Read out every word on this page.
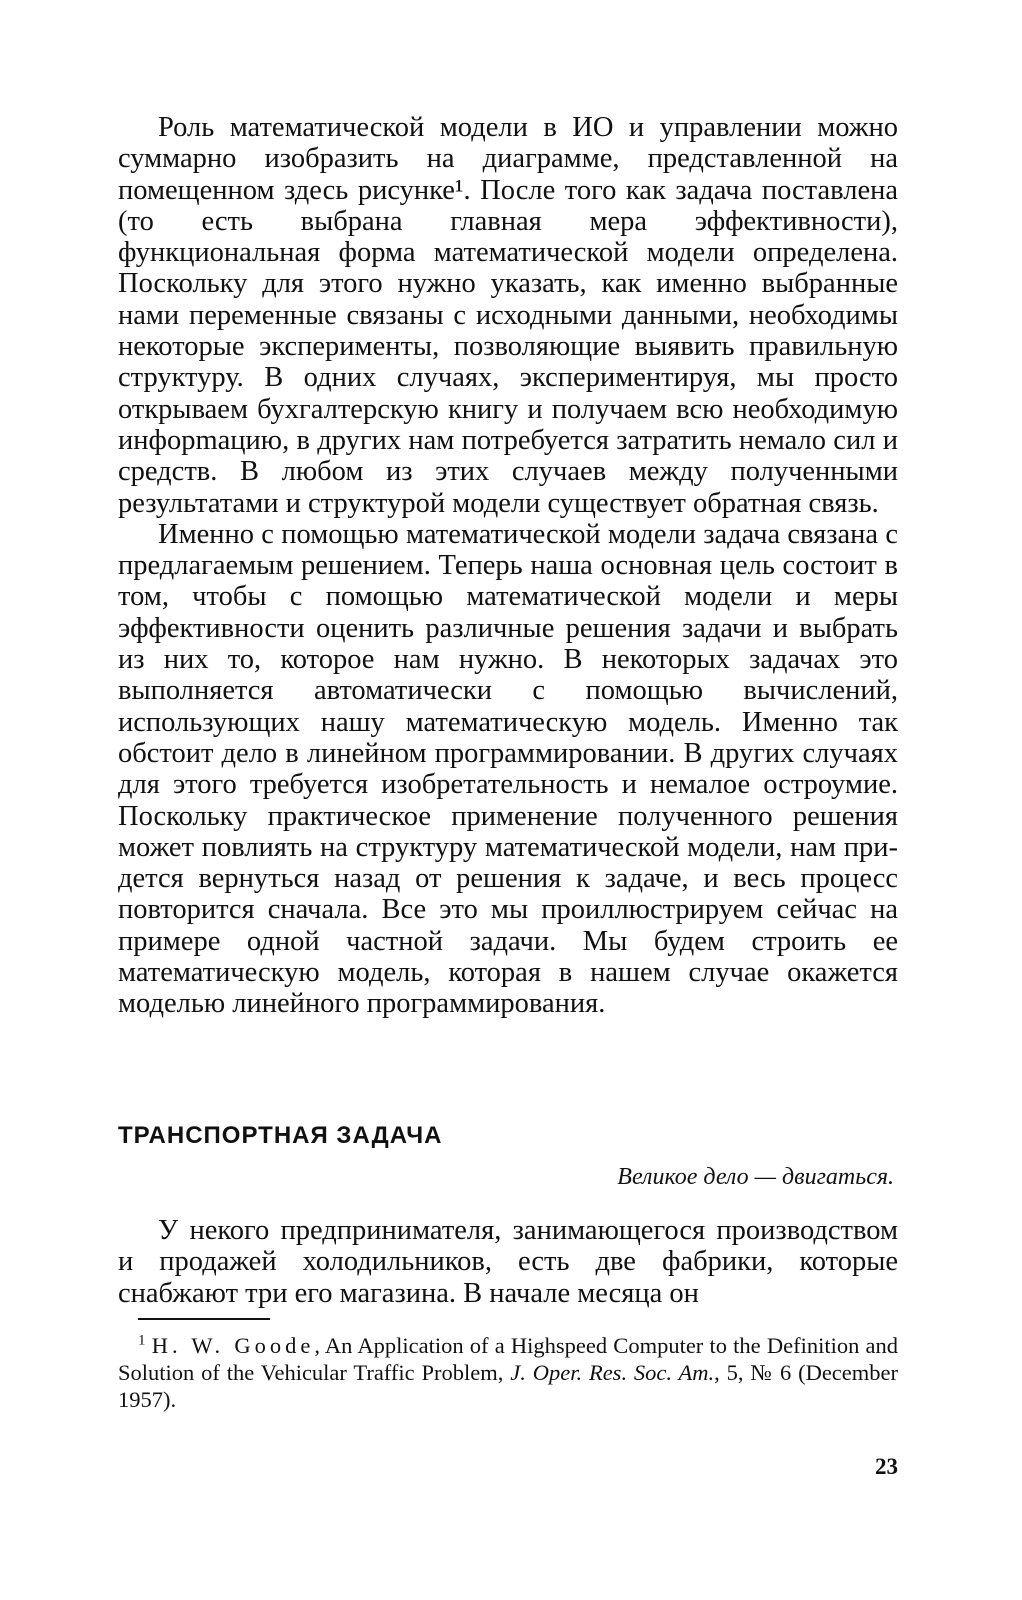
Роль математической модели в ИО и управлении можно суммарно изобразить на диаграмме, представленной на помещенном здесь рисунке¹. После того как задача поставлена (то есть выбрана главная мера эффективности), функциональная форма математической модели определена. Поскольку для этого нужно указать, как именно выбранные нами переменные связаны с исходными данными, необходимы некоторые эксперименты, позволяющие выявить правильную структуру. В одних случаях, экспериментируя, мы просто открываем бухгалтерскую книгу и получаем всю необходимую инфорmацию, в других нам потребуется затратить немало сил и средств. В любом из этих случаев между полученными результатами и структурой модели существует обратная связь.

Именно с помощью математической модели задача связана с предлагаемым решением. Теперь наша основная цель состоит в том, чтобы с помощью математической модели и меры эффективности оценить различные решения задачи и выбрать из них то, которое нам нужно. В некоторых задачах это выполняется автоматически с помощью вычислений, использующих нашу математическую модель. Именно так обстоит дело в линейном программировании. В других случаях для этого требуется изобретательность и немалое остроумие. Поскольку практическое применение полученного решения может повлиять на структуру математической модели, нам придется вернуться назад от решения к задаче, и весь процесс повторится сначала. Все это мы проиллюстрируем сейчас на примере одной частной задачи. Мы будем строить ее математическую модель, которая в нашем случае окажется моделью линейного программирования.

ТРАНСПОРТНАЯ ЗАДАЧА

Великое дело — двигаться.

У некого предпринимателя, занимающегося производством и продажей холодильников, есть две фабрики, которые снабжают три его магазина. В начале месяца он

$^1$ H. W. Goode, An Application of a Highspeed Computer to the Definition and Solution of the Vehicular Traffic Problem, J. Oper. Res. Soc. Am., 5, № 6 (December 1957).

23
